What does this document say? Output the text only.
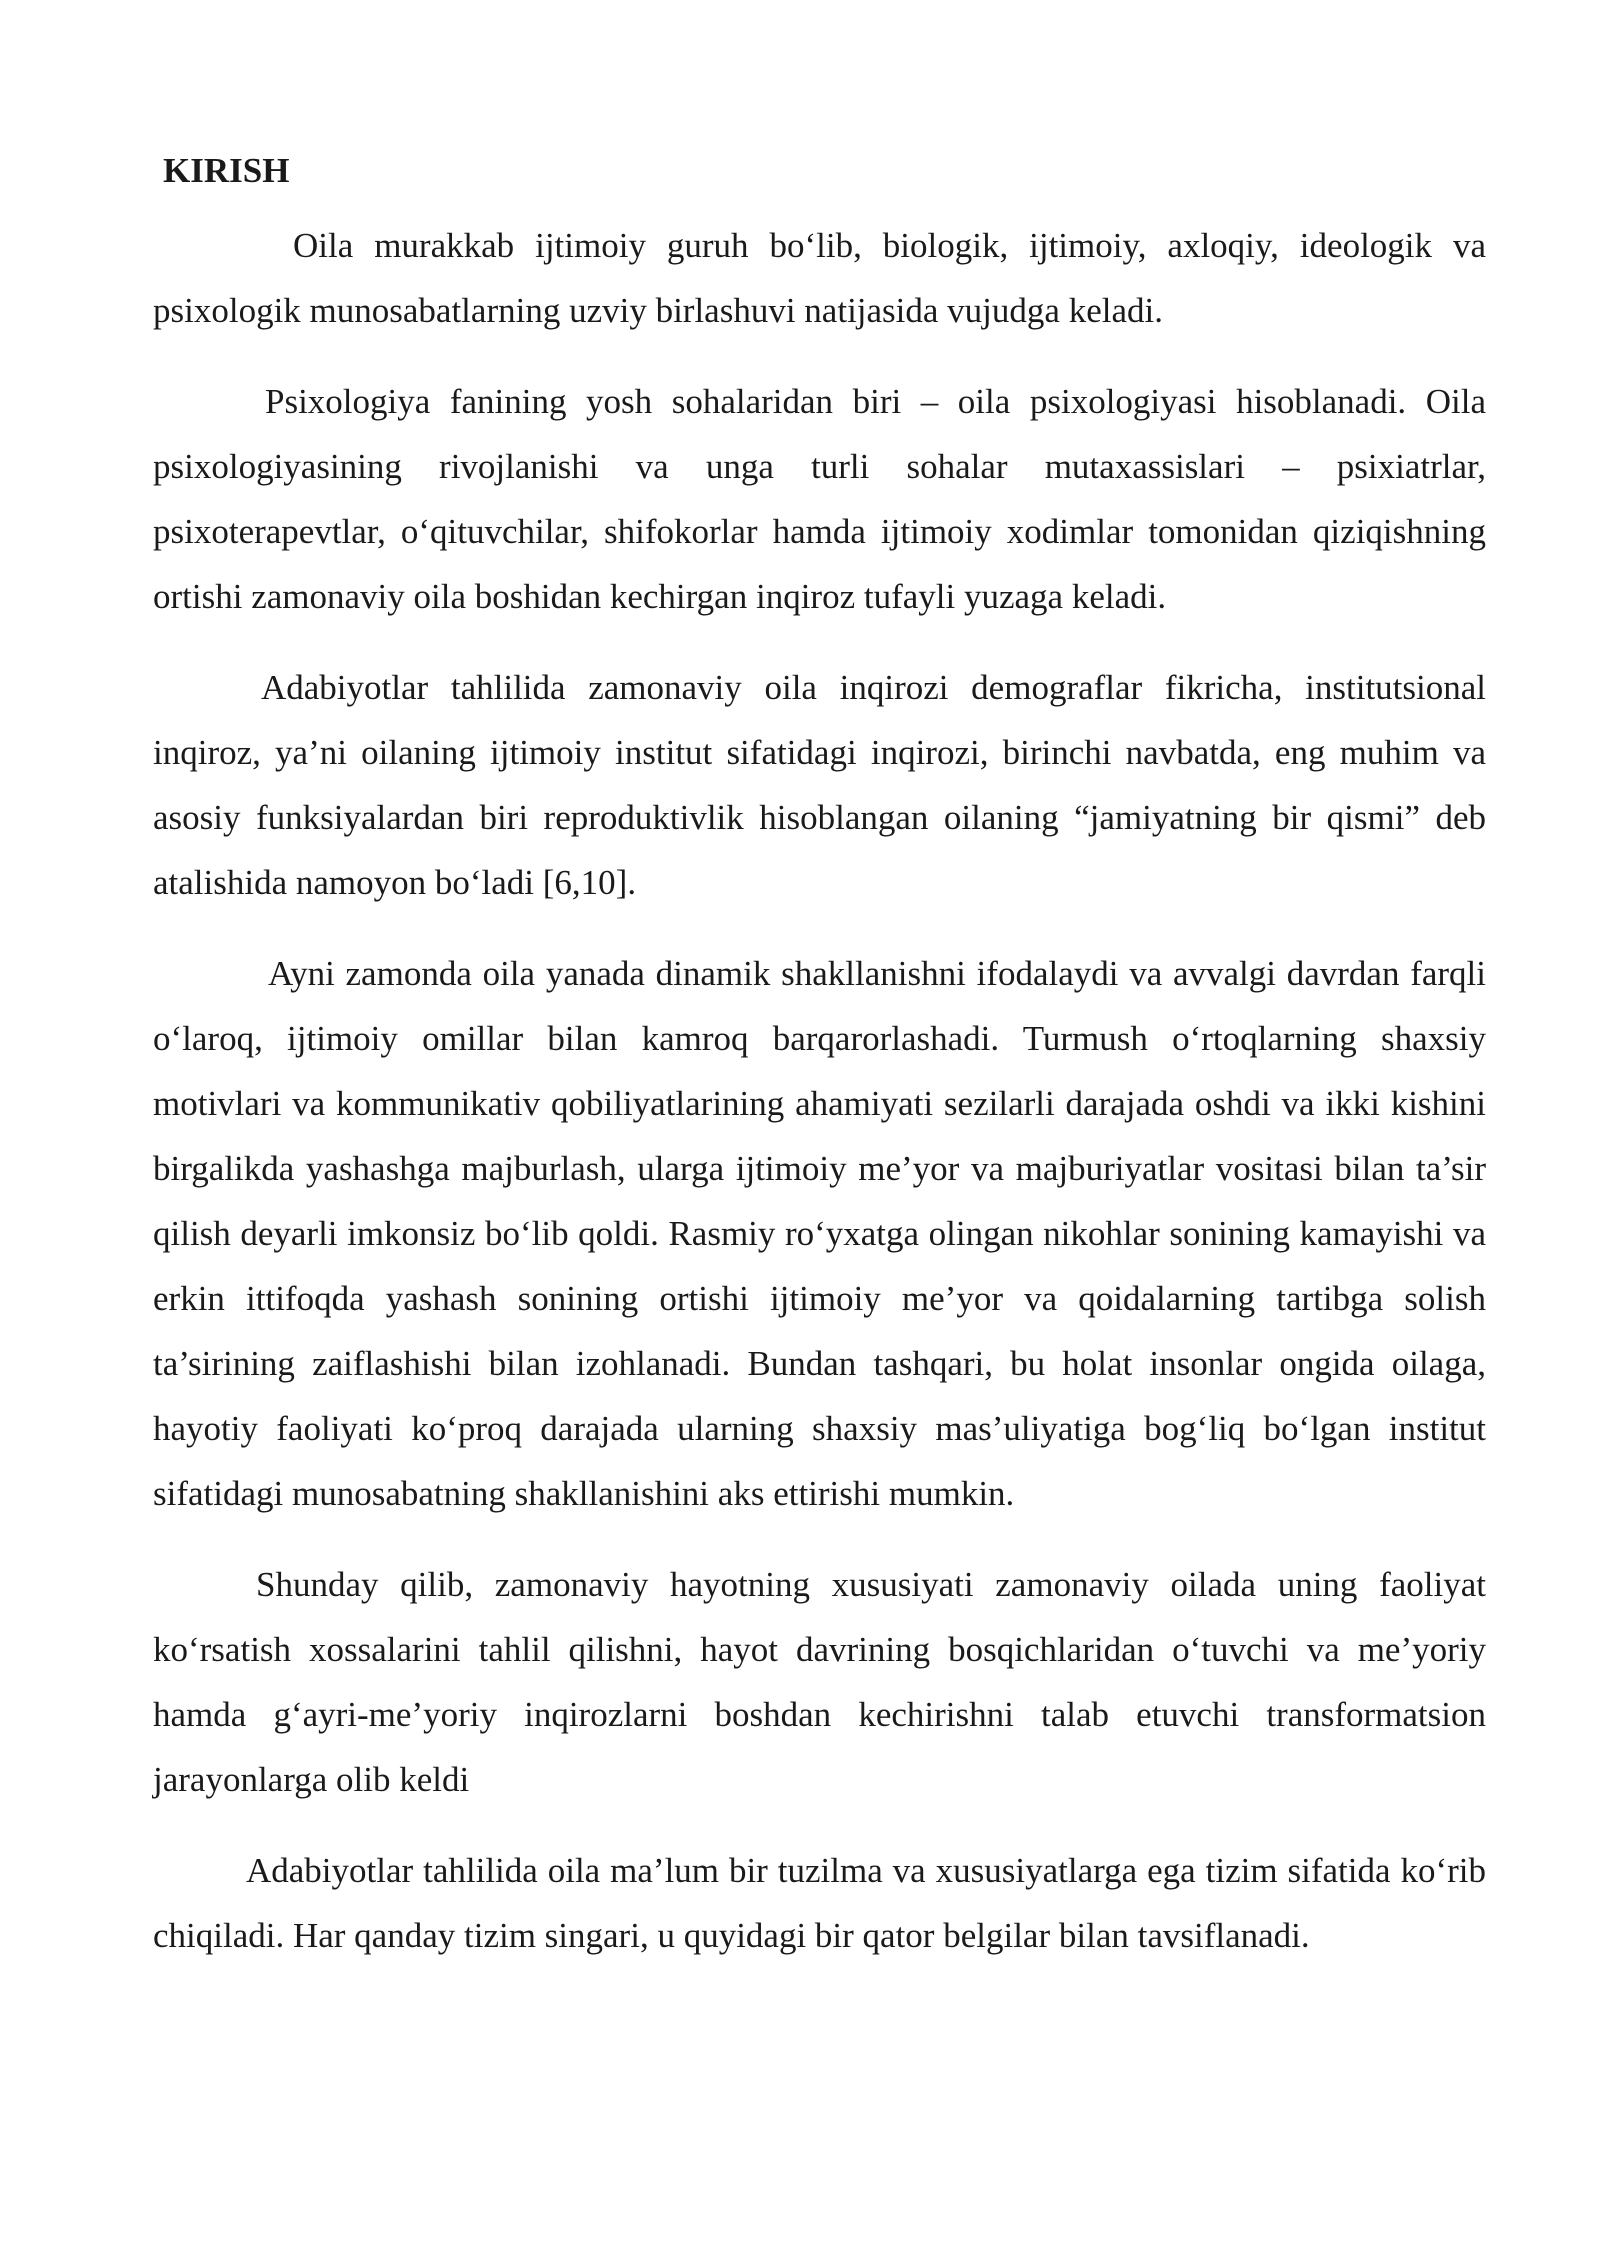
KIRISH

Oila murakkab ijtimoiy guruh bo‘lib, biologik, ijtimoiy, axloqiy, ideologik va psixologik munosabatlarning uzviy birlashuvi natijasida vujudga keladi.

Psixologiya fanining yosh sohalaridan biri – oila psixologiyasi hisoblanadi. Oila psixologiyasining rivojlanishi va unga turli sohalar mutaxassislari – psixiatrlar, psixoterapevtlar, o‘qituvchilar, shifokorlar hamda ijtimoiy xodimlar tomonidan qiziqishning ortishi zamonaviy oila boshidan kechirgan inqiroz tufayli yuzaga keladi.

Adabiyotlar tahlilida zamonaviy oila inqirozi demograflar fikricha, institutsional inqiroz, ya’ni oilaning ijtimoiy institut sifatidagi inqirozi, birinchi navbatda, eng muhim va asosiy funksiyalardan biri reproduktivlik hisoblangan oilaning “jamiyatning bir qismi” deb atalishida namoyon bo‘ladi [6,10].

Ayni zamonda oila yanada dinamik shakllanishni ifodalaydi va avvalgi davrdan farqli o‘laroq, ijtimoiy omillar bilan kamroq barqarorlashadi. Turmush o‘rtoqlarning shaxsiy motivlari va kommunikativ qobiliyatlarining ahamiyati sezilarli darajada oshdi va ikki kishini birgalikda yashashga majburlash, ularga ijtimoiy me’yor va majburiyatlar vositasi bilan ta’sir qilish deyarli imkonsiz bo‘lib qoldi. Rasmiy ro‘yxatga olingan nikohlar sonining kamayishi va erkin ittifoqda yashash sonining ortishi ijtimoiy me’yor va qoidalarning tartibga solish ta’sirining zaiflashishi bilan izohlanadi. Bundan tashqari, bu holat insonlar ongida oilaga, hayotiy faoliyati ko‘proq darajada ularning shaxsiy mas’uliyatiga bog‘liq bo‘lgan institut sifatidagi munosabatning shakllanishini aks ettirishi mumkin.

Shunday qilib, zamonaviy hayotning xususiyati zamonaviy oilada uning faoliyat ko‘rsatish xossalarini tahlil qilishni, hayot davrining bosqichlaridan o‘tuvchi va me’yoriy hamda g‘ayri-me’yoriy inqirozlarni boshdan kechirishni talab etuvchi transformatsion jarayonlarga olib keldi

Adabiyotlar tahlilida oila ma’lum bir tuzilma va xususiyatlarga ega tizim sifatida ko‘rib chiqiladi. Har qanday tizim singari, u quyidagi bir qator belgilar bilan tavsiflanadi.
